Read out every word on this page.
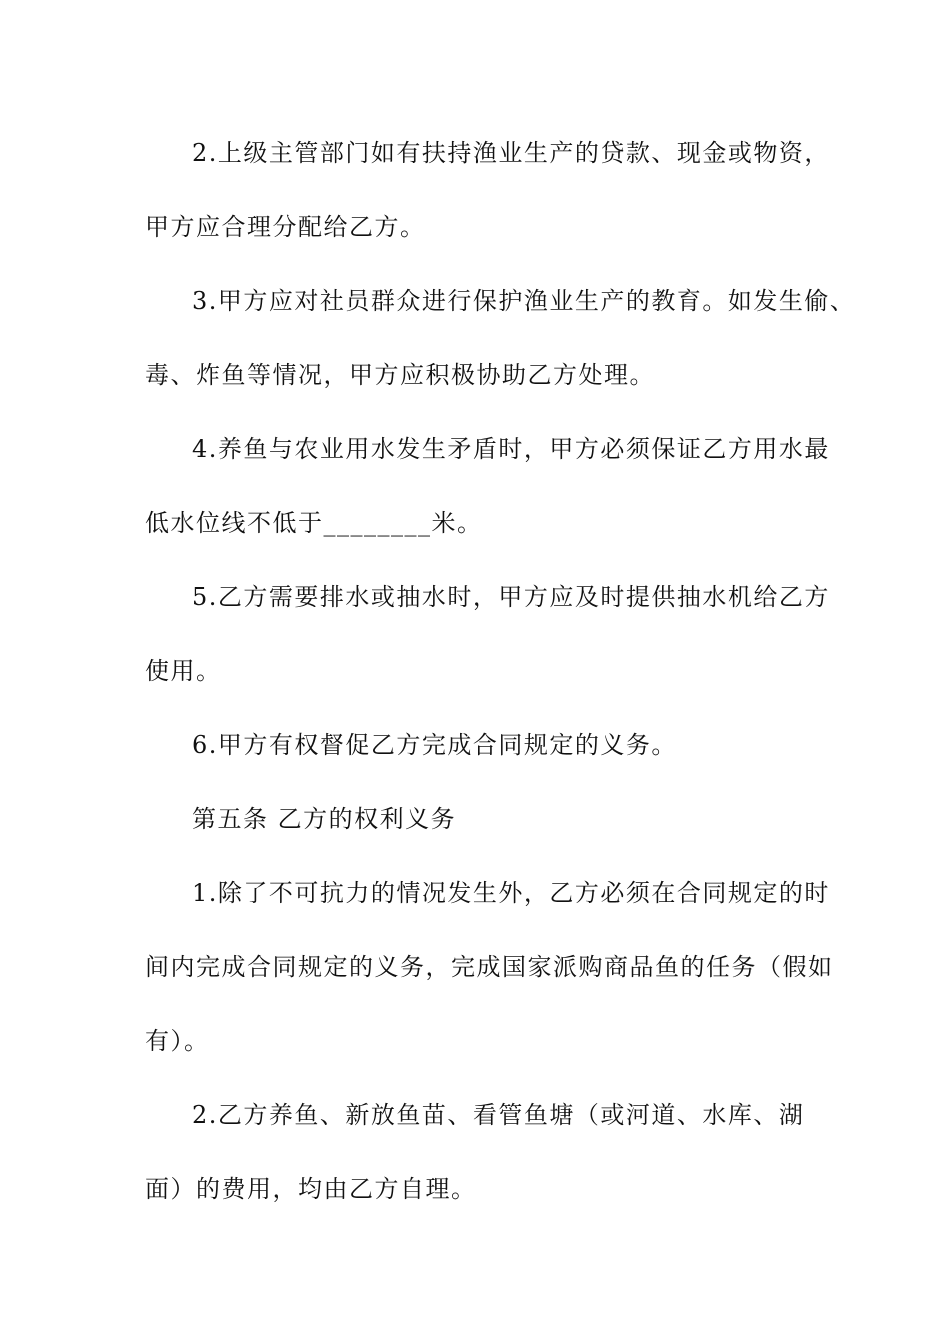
2.上级主管部门如有扶持渔业生产的贷款、现金或物资，
甲方应合理分配给乙方。
3.甲方应对社员群众进行保护渔业生产的教育。如发生偷、
毒、炸鱼等情况，甲方应积极协助乙方处理。
4.养鱼与农业用水发生矛盾时，甲方必须保证乙方用水最
低水位线不低于________米。
5.乙方需要排水或抽水时，甲方应及时提供抽水机给乙方
使用。
6.甲方有权督促乙方完成合同规定的义务。
第五条 乙方的权利义务
1.除了不可抗力的情况发生外，乙方必须在合同规定的时
间内完成合同规定的义务，完成国家派购商品鱼的任务（假如
有）。
2.乙方养鱼、新放鱼苗、看管鱼塘（或河道、水库、湖
面）的费用，均由乙方自理。
